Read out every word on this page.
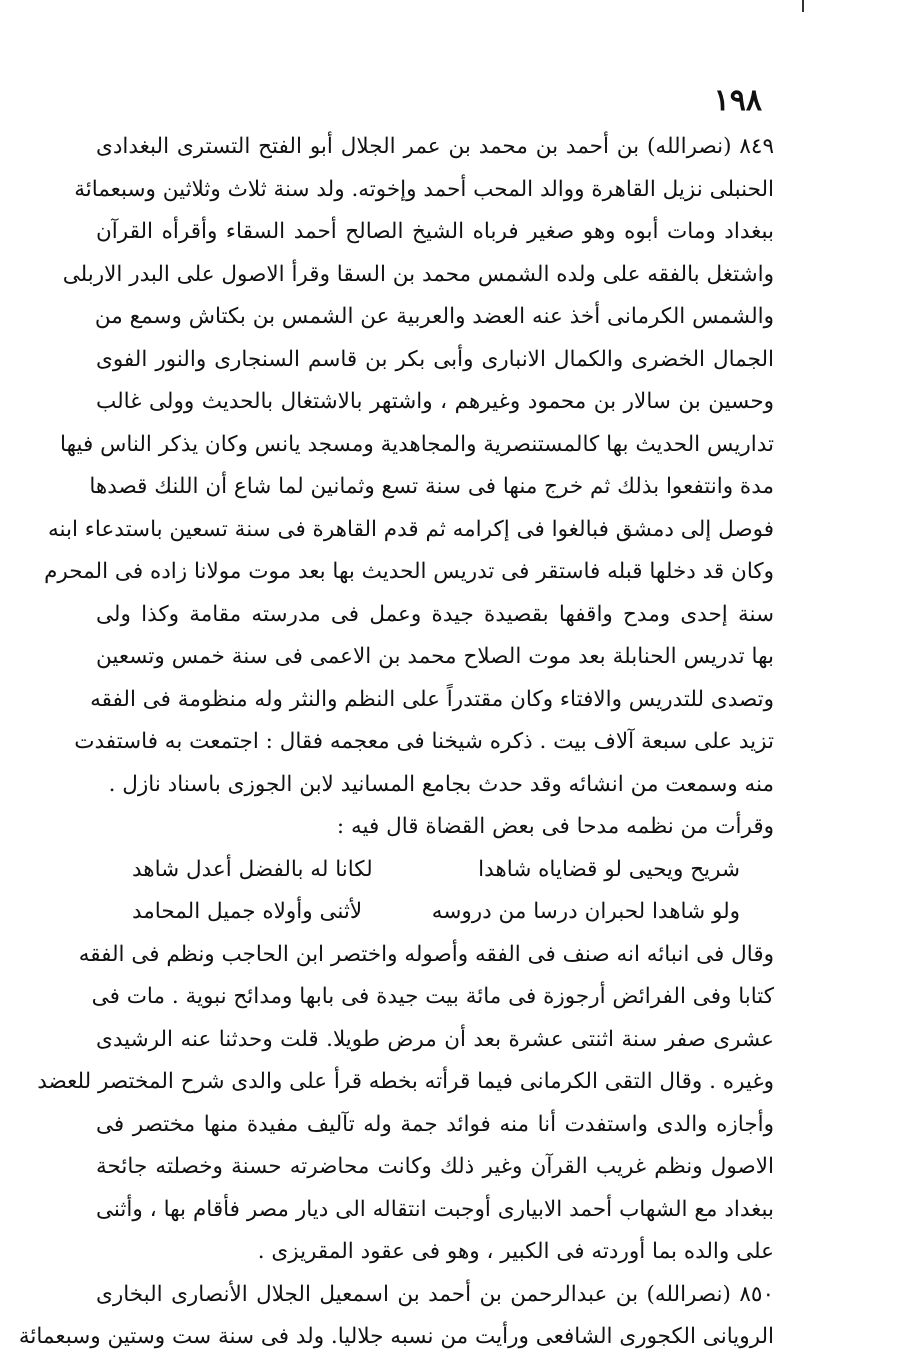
١٩٨
٨٤٩ (نصرالله) بن أحمد بن محمد بن عمر الجلال أبو الفتح التسترى البغدادى
الحنبلى نزيل القاهرة ووالد المحب أحمد وإخوته. ولد سنة ثلاث وثلاثين وسبعمائة
ببغداد ومات أبوه وهو صغير فرباه الشيخ الصالح أحمد السقاء وأقرأه القرآن
واشتغل بالفقه على ولده الشمس محمد بن السقا وقرأ الاصول على البدر الاربلى
والشمس الكرمانى أخذ عنه العضد والعربية عن الشمس بن بكتاش وسمع من
الجمال الخضرى والكمال الانبارى وأبى بكر بن قاسم السنجارى والنور الفوى
وحسين بن سالار بن محمود وغيرهم ، واشتهر بالاشتغال بالحديث وولى غالب
تداريس الحديث بها كالمستنصرية والمجاهدية ومسجد يانس وكان يذكر الناس فيها
مدة وانتفعوا بذلك ثم خرج منها فى سنة تسع وثمانين لما شاع أن اللنك قصدها
فوصل إلى دمشق فبالغوا فى إكرامه ثم قدم القاهرة فى سنة تسعين باستدعاء ابنه
وكان قد دخلها قبله فاستقر فى تدريس الحديث بها بعد موت مولانا زاده فى المحرم
سنة إحدى ومدح واقفها بقصيدة جيدة وعمل فى مدرسته مقامة وكذا ولى
بها تدريس الحنابلة بعد موت الصلاح محمد بن الاعمى فى سنة خمس وتسعين
وتصدى للتدريس والافتاء وكان مقتدراً على النظم والنثر وله منظومة فى الفقه
تزيد على سبعة آلاف بيت . ذكره شيخنا فى معجمه فقال : اجتمعت به فاستفدت
منه وسمعت من انشائه وقد حدث بجامع المسانيد لابن الجوزى باسناد نازل .
وقرأت من نظمه مدحا فى بعض القضاة قال فيه :
شريح ويحيى لو قضاياه شاهدا
لكانا له بالفضل أعدل شاهد
ولو شاهدا لحبران درسا من دروسه
لأثنى وأولاه جميل المحامد
وقال فى انبائه انه صنف فى الفقه وأصوله واختصر ابن الحاجب ونظم فى الفقه
كتابا وفى الفرائض أرجوزة فى مائة بيت جيدة فى بابها ومدائح نبوية . مات فى
عشرى صفر سنة اثنتى عشرة بعد أن مرض طويلا. قلت وحدثنا عنه الرشيدى
وغيره . وقال التقى الكرمانى فيما قرأته بخطه قرأ على والدى شرح المختصر للعضد
وأجازه والدى واستفدت أنا منه فوائد جمة وله تآليف مفيدة منها مختصر فى
الاصول ونظم غريب القرآن وغير ذلك وكانت محاضرته حسنة وخصلته جائحة
ببغداد مع الشهاب أحمد الابيارى أوجبت انتقاله الى ديار مصر فأقام بها ، وأثنى
على والده بما أوردته فى الكبير ، وهو فى عقود المقريزى .
٨٥٠ (نصرالله) بن عبدالرحمن بن أحمد بن اسمعيل الجلال الأنصارى البخارى
الرويانى الكجورى الشافعى ورأيت من نسبه جلاليا. ولد فى سنة ست وستين وسبعمائة
